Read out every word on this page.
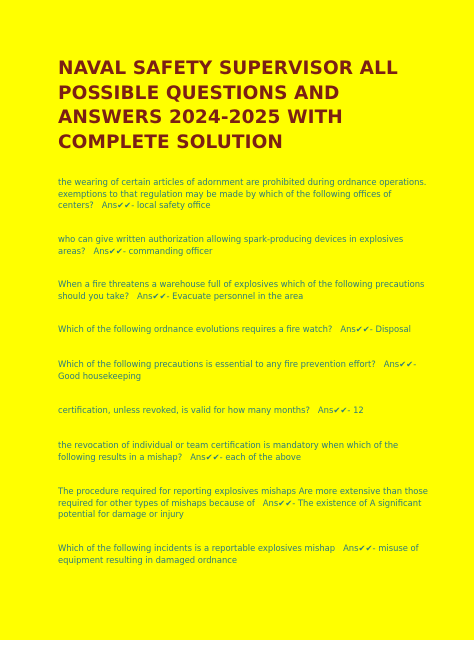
NAVAL SAFETY SUPERVISOR ALL POSSIBLE QUESTIONS AND ANSWERS 2024-2025 WITH COMPLETE SOLUTION

the wearing of certain articles of adornment are prohibited during ordnance operations. exemptions to that regulation may be made by which of the following offices of centers? Ans✔✔- local safety office

who can give written authorization allowing spark-producing devices in explosives areas? Ans✔✔- commanding officer

When a fire threatens a warehouse full of explosives which of the following precautions should you take? Ans✔✔- Evacuate personnel in the area

Which of the following ordnance evolutions requires a fire watch? Ans✔✔- Disposal

Which of the following precautions is essential to any fire prevention effort? Ans✔✔- Good housekeeping

certification, unless revoked, is valid for how many months? Ans✔✔- 12

the revocation of individual or team certification is mandatory when which of the following results in a mishap? Ans✔✔- each of the above

The procedure required for reporting explosives mishaps Are more extensive than those required for other types of mishaps because of Ans✔✔- The existence of A significant potential for damage or injury

Which of the following incidents is a reportable explosives mishap Ans✔✔- misuse of equipment resulting in damaged ordnance
